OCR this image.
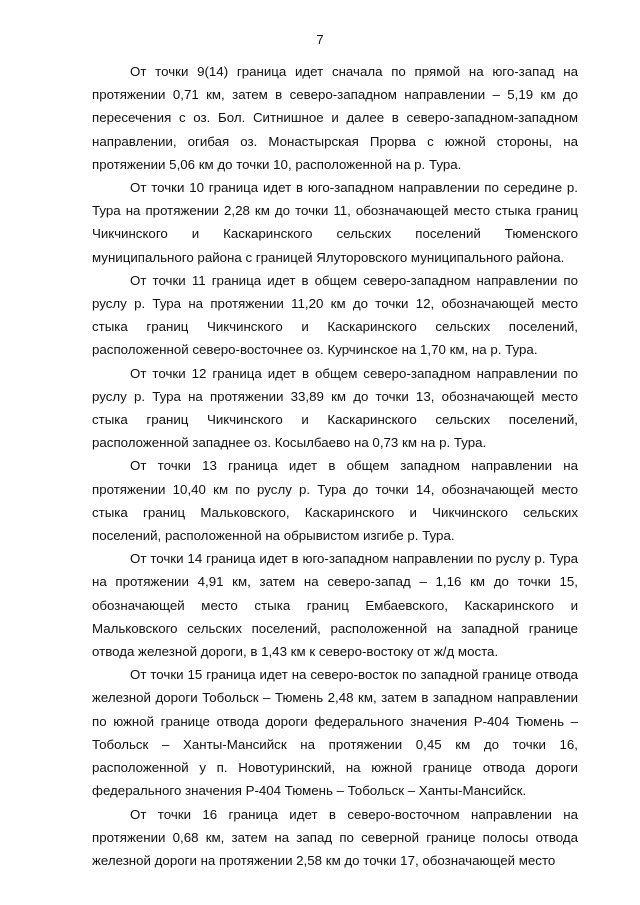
7

От точки 9(14) граница идет сначала по прямой на юго-запад на протяжении 0,71 км, затем в северо-западном направлении – 5,19 км до пересечения с оз. Бол. Ситнишное и далее в северо-западном-западном направлении, огибая оз. Монастырская Прорва с южной стороны, на протяжении 5,06 км до точки 10, расположенной на р. Тура.

От точки 10 граница идет в юго-западном направлении по середине р. Тура на протяжении 2,28 км до точки 11, обозначающей место стыка границ Чикчинского и Каскаринского сельских поселений Тюменского муниципального района с границей Ялуторовского муниципального района.

От точки 11 граница идет в общем северо-западном направлении по руслу р. Тура на протяжении 11,20 км до точки 12, обозначающей место стыка границ Чикчинского и Каскаринского сельских поселений, расположенной северо-восточнее оз. Курчинское на 1,70 км, на р. Тура.

От точки 12 граница идет в общем северо-западном направлении по руслу р. Тура на протяжении 33,89 км до точки 13, обозначающей место стыка границ Чикчинского и Каскаринского сельских поселений, расположенной западнее оз. Косылбаево на 0,73 км на р. Тура.

От точки 13 граница идет в общем западном направлении на протяжении 10,40 км по руслу р. Тура до точки 14, обозначающей место стыка границ Мальковского, Каскаринского и Чикчинского сельских поселений, расположенной на обрывистом изгибе р. Тура.

От точки 14 граница идет в юго-западном направлении по руслу р. Тура на протяжении 4,91 км, затем на северо-запад – 1,16 км до точки 15, обозначающей место стыка границ Ембаевского, Каскаринского и Мальковского сельских поселений, расположенной на западной границе отвода железной дороги, в 1,43 км к северо-востоку от ж/д моста.

От точки 15 граница идет на северо-восток по западной границе отвода железной дороги Тобольск – Тюмень 2,48 км, затем в западном направлении по южной границе отвода дороги федерального значения Р-404 Тюмень – Тобольск – Ханты-Мансийск на протяжении 0,45 км до точки 16, расположенной у п. Новотуринский, на южной границе отвода дороги федерального значения Р-404 Тюмень – Тобольск – Ханты-Мансийск.

От точки 16 граница идет в северо-восточном направлении на протяжении 0,68 км, затем на запад по северной границе полосы отвода железной дороги на протяжении 2,58 км до точки 17, обозначающей место
